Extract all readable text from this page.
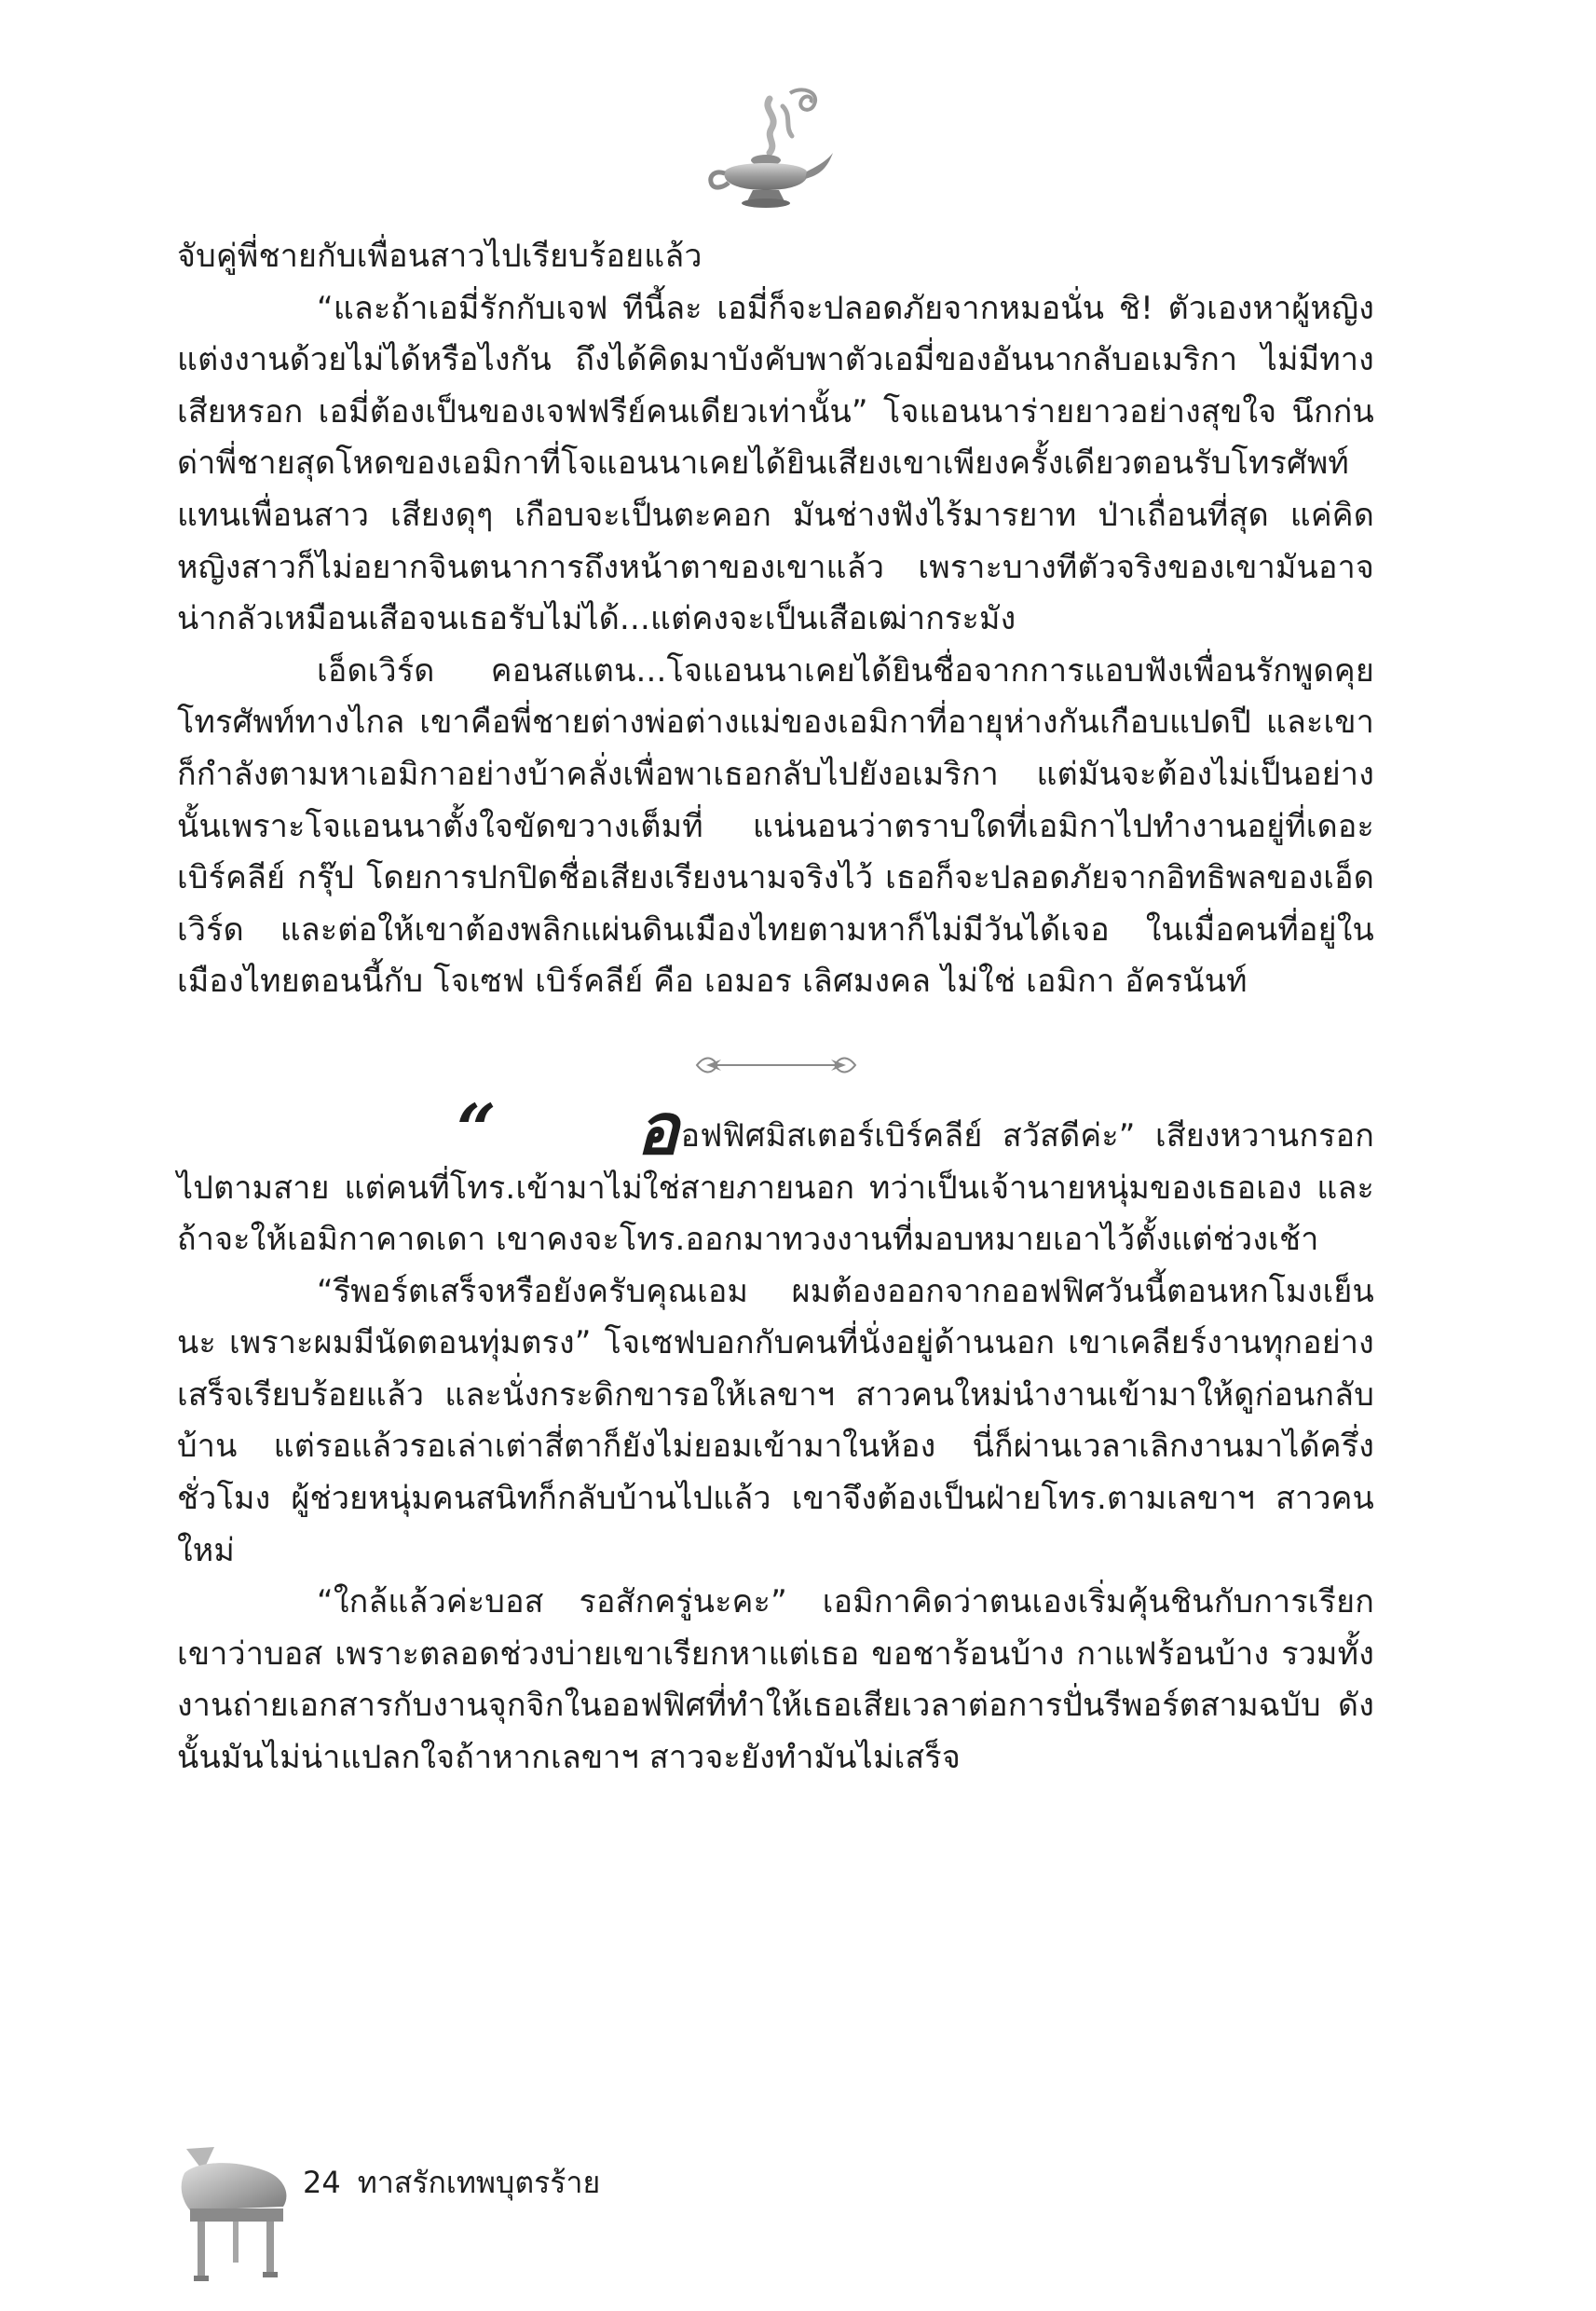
จับคู่พี่ชายกับเพื่อนสาวไปเรียบร้อยแล้ว

“และถ้าเอมี่รักกับเจฟ ทีนี้ละ เอมี่ก็จะปลอดภัยจากหมอนั่น ชิ! ตัวเองหาผู้หญิงแต่งงานด้วยไม่ได้หรือไงกัน ถึงได้คิดมาบังคับพาตัวเอมี่ของอันนากลับอเมริกา ไม่มีทางเสียหรอก เอมี่ต้องเป็นของเจฟฟรีย์คนเดียวเท่านั้น” โจแอนนาร่ายยาวอย่างสุขใจ นึกก่นด่าพี่ชายสุดโหดของเอมิกาที่โจแอนนาเคยได้ยินเสียงเขาเพียงครั้งเดียวตอนรับโทรศัพท์แทนเพื่อนสาว เสียงดุๆ เกือบจะเป็นตะคอก มันช่างฟังไร้มารยาท ป่าเถื่อนที่สุด แค่คิดหญิงสาวก็ไม่อยากจินตนาการถึงหน้าตาของเขาแล้ว เพราะบางทีตัวจริงของเขามันอาจน่ากลัวเหมือนเสือจนเธอรับไม่ได้...แต่คงจะเป็นเสือเฒ่ากระมัง

เอ็ดเวิร์ด คอนสแตน...โจแอนนาเคยได้ยินชื่อจากการแอบฟังเพื่อนรักพูดคุยโทรศัพท์ทางไกล เขาคือพี่ชายต่างพ่อต่างแม่ของเอมิกาที่อายุห่างกันเกือบแปดปี และเขาก็กำลังตามหาเอมิกาอย่างบ้าคลั่งเพื่อพาเธอกลับไปยังอเมริกา แต่มันจะต้องไม่เป็นอย่างนั้นเพราะโจแอนนาตั้งใจขัดขวางเต็มที่ แน่นอนว่าตราบใดที่เอมิกาไปทำงานอยู่ที่เดอะ เบิร์คลีย์ กรุ๊ป โดยการปกปิดชื่อเสียงเรียงนามจริงไว้ เธอก็จะปลอดภัยจากอิทธิพลของเอ็ดเวิร์ด และต่อให้เขาต้องพลิกแผ่นดินเมืองไทยตามหาก็ไม่มีวันได้เจอ ในเมื่อคนที่อยู่ในเมืองไทยตอนนี้กับ โจเซฟ เบิร์คลีย์ คือ เอมอร เลิศมงคล ไม่ใช่ เอมิกา อัครนันท์

“ ออฟฟิศมิสเตอร์เบิร์คลีย์ สวัสดีค่ะ” เสียงหวานกรอกไปตามสาย แต่คนที่โทร.เข้ามาไม่ใช่สายภายนอก ทว่าเป็นเจ้านายหนุ่มของเธอเอง และถ้าจะให้เอมิกาคาดเดา เขาคงจะโทร.ออกมาทวงงานที่มอบหมายเอาไว้ตั้งแต่ช่วงเช้า

“รีพอร์ตเสร็จหรือยังครับคุณเอม ผมต้องออกจากออฟฟิศวันนี้ตอนหกโมงเย็นนะ เพราะผมมีนัดตอนทุ่มตรง” โจเซฟบอกกับคนที่นั่งอยู่ด้านนอก เขาเคลียร์งานทุกอย่างเสร็จเรียบร้อยแล้ว และนั่งกระดิกขารอให้เลขาฯ สาวคนใหม่นำงานเข้ามาให้ดูก่อนกลับบ้าน แต่รอแล้วรอเล่าเต่าสี่ตาก็ยังไม่ยอมเข้ามาในห้อง นี่ก็ผ่านเวลาเลิกงานมาได้ครึ่งชั่วโมง ผู้ช่วยหนุ่มคนสนิทก็กลับบ้านไปแล้ว เขาจึงต้องเป็นฝ่ายโทร.ตามเลขาฯ สาวคนใหม่

“ใกล้แล้วค่ะบอส รอสักครู่นะคะ” เอมิกาคิดว่าตนเองเริ่มคุ้นชินกับการเรียกเขาว่าบอส เพราะตลอดช่วงบ่ายเขาเรียกหาแต่เธอ ขอชาร้อนบ้าง กาแฟร้อนบ้าง รวมทั้งงานถ่ายเอกสารกับงานจุกจิกในออฟฟิศที่ทำให้เธอเสียเวลาต่อการปั่นรีพอร์ตสามฉบับ ดังนั้นมันไม่น่าแปลกใจถ้าหากเลขาฯ สาวจะยังทำมันไม่เสร็จ

24 ทาสรักเทพบุตรร้าย
